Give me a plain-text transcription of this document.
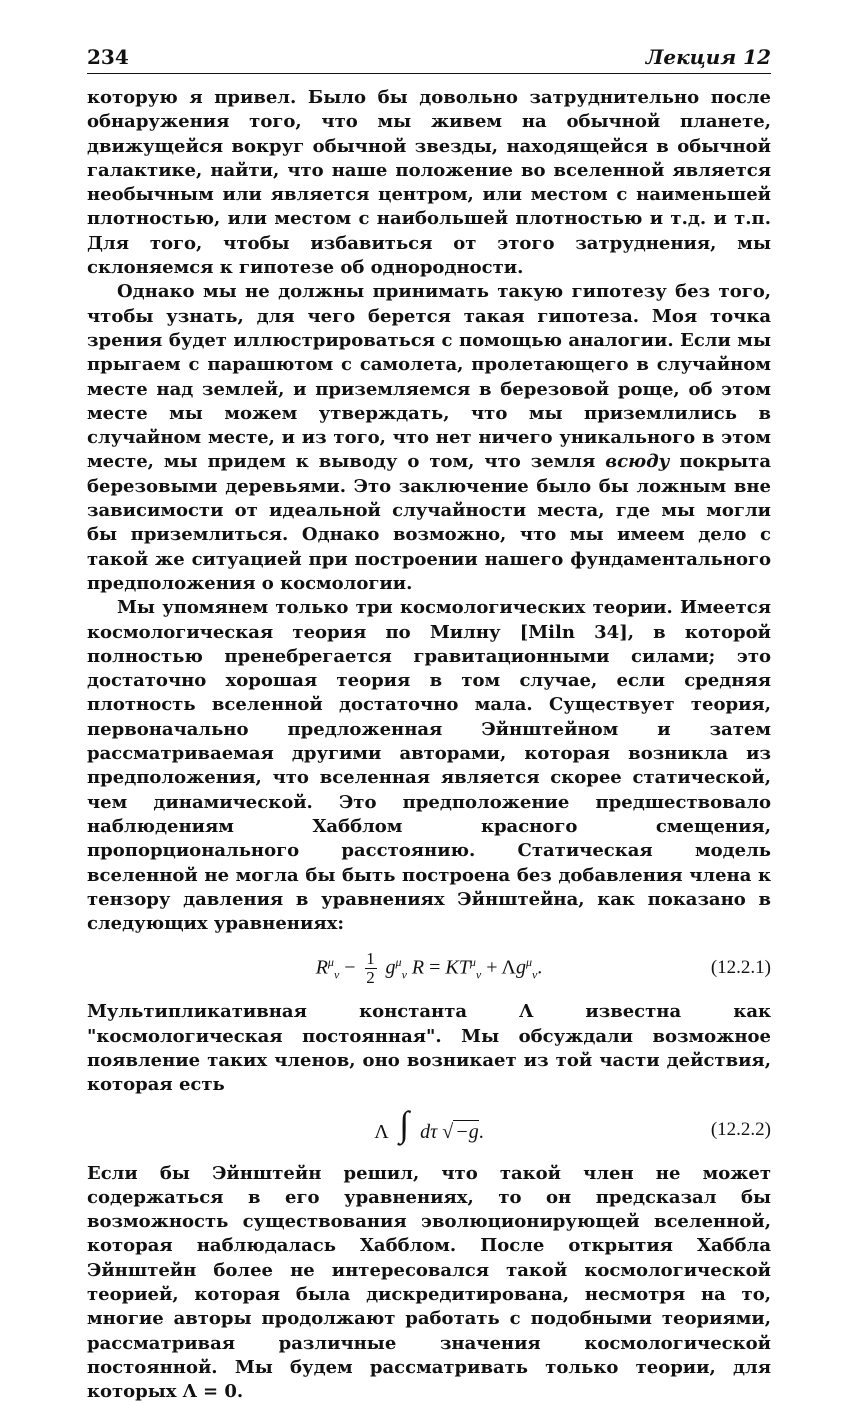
234	Лекция 12

которую я привел. Было бы довольно затруднительно после обнаружения того, что мы живем на обычной планете, движущейся вокруг обычной звезды, находящейся в обычной галактике, найти, что наше положение во вселенной является необычным или является центром, или местом с наименьшей плотностью, или местом с наибольшей плотностью и т.д. и т.п. Для того, чтобы избавиться от этого затруднения, мы склоняемся к гипотезе об однородности.

Однако мы не должны принимать такую гипотезу без того, чтобы узнать, для чего берется такая гипотеза. Моя точка зрения будет иллюстрироваться с помощью аналогии. Если мы прыгаем с парашютом с самолета, пролетающего в случайном месте над землей, и приземляемся в березовой роще, об этом месте мы можем утверждать, что мы приземлились в случайном месте, и из того, что нет ничего уникального в этом месте, мы придем к выводу о том, что земля всюду покрыта березовыми деревьями. Это заключение было бы ложным вне зависимости от идеальной случайности места, где мы могли бы приземлиться. Однако возможно, что мы имеем дело с такой же ситуацией при построении нашего фундаментального предположения о космологии.

Мы упомянем только три космологических теории. Имеется космологическая теория по Милну [Miln 34], в которой полностью пренебрегается гравитационными силами; это достаточно хорошая теория в том случае, если средняя плотность вселенной достаточно мала. Существует теория, первоначально предложенная Эйнштейном и затем рассматриваемая другими авторами, которая возникла из предположения, что вселенная является скорее статической, чем динамической. Это предположение предшествовало наблюдениям Хабблом красного смещения, пропорционального расстоянию. Статическая модель вселенной не могла бы быть построена без добавления члена к тензору давления в уравнениях Эйнштейна, как показано в следующих уравнениях:

$R^\mu_\nu - \frac{1}{2} g^\mu_\nu$ $R = KT^\mu_\nu + \Lambda g^\mu_\nu$.	(12.2.1)

Мультипликативная константа Λ известна как "космологическая постоянная". Мы обсуждали возможное появление таких членов, оно возникает из той части действия, которая есть

Λ ∫ dτ √ −g.	(12.2.2)

Если бы Эйнштейн решил, что такой член не может содержаться в его уравнениях, то он предсказал бы возможность существования эволюционирующей вселенной, которая наблюдалась Хабблом. После открытия Хаббла Эйнштейн более не интересовался такой космологической теорией, которая была дискредитирована, несмотря на то, многие авторы продолжают работать с подобными теориями, рассматривая различные значения космологической постоянной. Мы будем рассматривать только теории, для которых Λ = 0.
